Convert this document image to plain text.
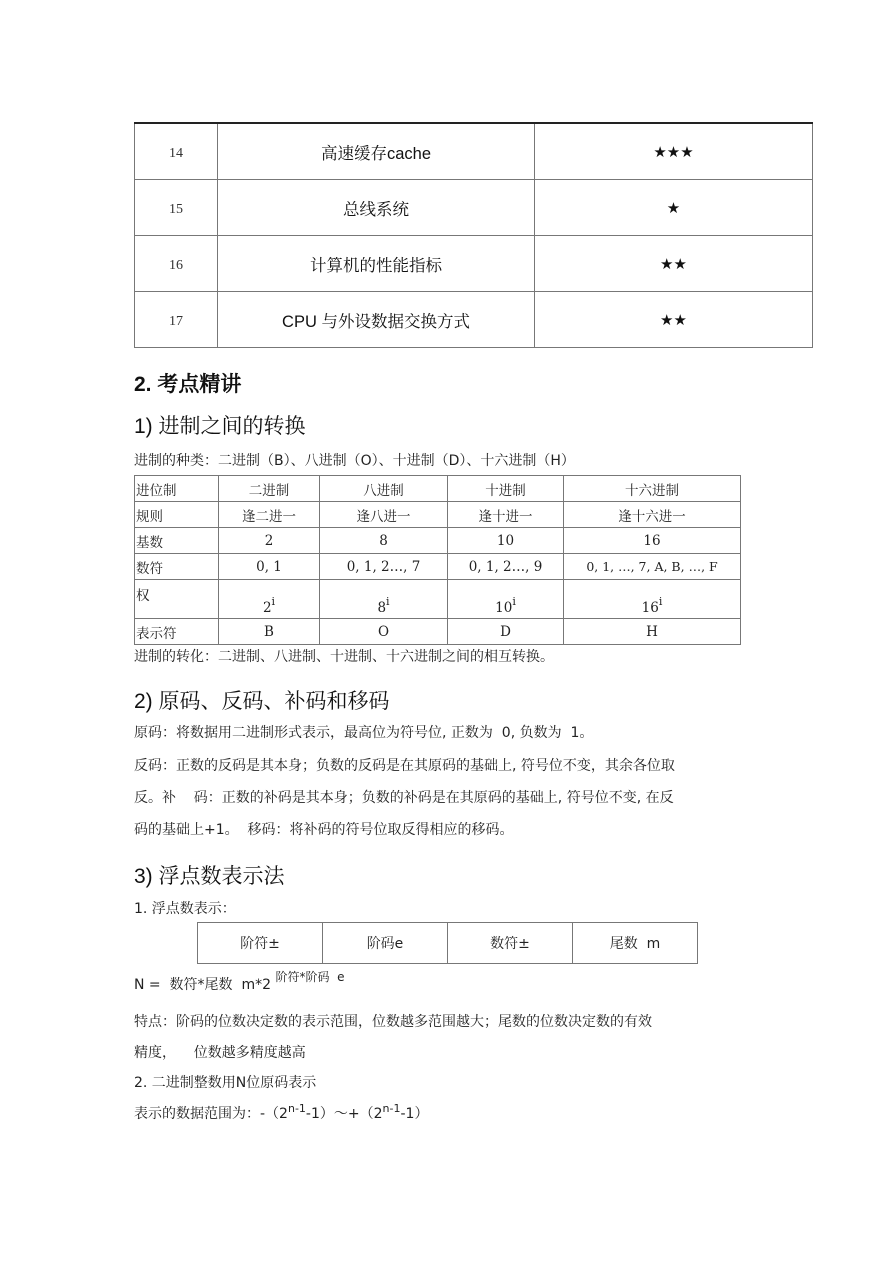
14	高速缓存cache	★★★
15	总线系统	★
16	计算机的性能指标	★★
17	CPU 与外设数据交换方式	★★
2. 考点精讲
1) 进制之间的转换
进制的种类：二进制（B）、八进制（O）、十进制（D）、十六进制（H）
进位制	二进制	八进制	十进制	十六进制
规则	逢二进一	逢八进一	逢十进一	逢十六进一
基数	2	8	10	16
数符	0, 1	0, 1, 2…, 7	0, 1, 2…, 9	0, 1, …, 7, A, B, …, F
权	2$^i$	8$^i$	10$^i$	16$^i$
表示符	B	O	D	H
进制的转化：二进制、八进制、十进制、十六进制之间的相互转换。
2) 原码、反码、补码和移码
原码：将数据用二进制形式表示，最高位为符号位, 正数为  0, 负数为  1。
反码：正数的反码是其本身；负数的反码是在其原码的基础上, 符号位不变，其余各位取
反。补    码：正数的补码是其本身；负数的补码是在其原码的基础上, 符号位不变, 在反
码的基础上+1。  移码：将补码的符号位取反得相应的移码。
3) 浮点数表示法
1. 浮点数表示：
阶符±	阶码e	数符±	尾数  m
N =  数符*尾数  m*2 阶符*阶码  e
特点：阶码的位数决定数的表示范围，位数越多范围越大；尾数的位数决定数的有效
精度，    位数越多精度越高
2. 二进制整数用N位原码表示
表示的数据范围为：$-(2^{n-1}-1)\sim+(2^{n-1}-1)$
